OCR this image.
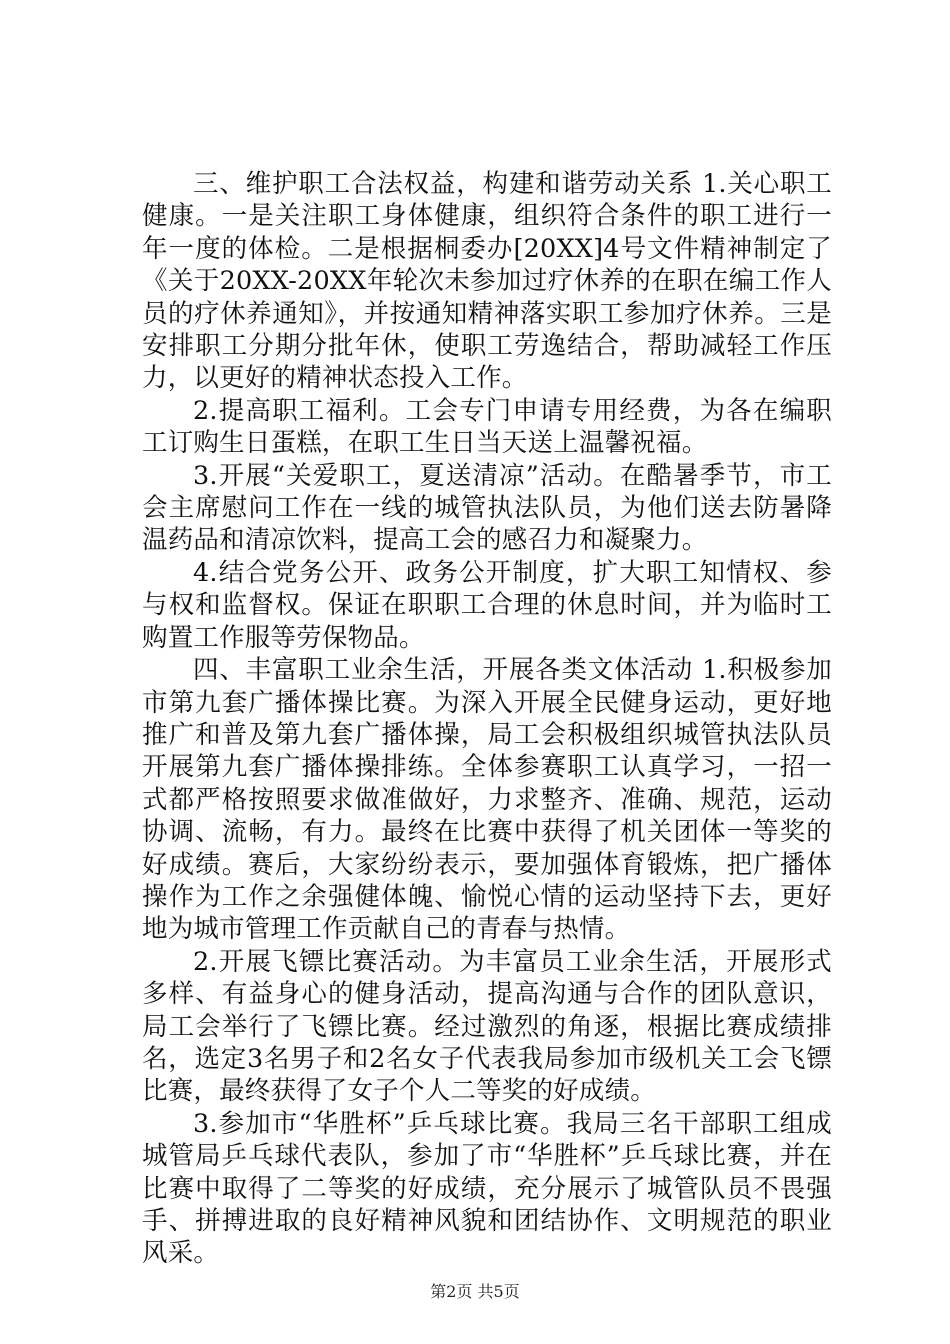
三、维护职工合法权益，构建和谐劳动关系 1.关心职工健康。一是关注职工身体健康，组织符合条件的职工进行一年一度的体检。二是根据桐委办[20XX]4号文件精神制定了《关于20XX-20XX年轮次未参加过疗休养的在职在编工作人员的疗休养通知》，并按通知精神落实职工参加疗休养。三是安排职工分期分批年休，使职工劳逸结合，帮助减轻工作压力，以更好的精神状态投入工作。

2.提高职工福利。工会专门申请专用经费，为各在编职工订购生日蛋糕，在职工生日当天送上温馨祝福。

3.开展“关爱职工，夏送清凉”活动。在酷暑季节，市工会主席慰问工作在一线的城管执法队员，为他们送去防暑降温药品和清凉饮料，提高工会的感召力和凝聚力。

4.结合党务公开、政务公开制度，扩大职工知情权、参与权和监督权。保证在职职工合理的休息时间，并为临时工购置工作服等劳保物品。

四、丰富职工业余生活，开展各类文体活动 1.积极参加市第九套广播体操比赛。为深入开展全民健身运动，更好地推广和普及第九套广播体操，局工会积极组织城管执法队员开展第九套广播体操排练。全体参赛职工认真学习，一招一式都严格按照要求做准做好，力求整齐、准确、规范，运动协调、流畅，有力。最终在比赛中获得了机关团体一等奖的好成绩。赛后，大家纷纷表示，要加强体育锻炼，把广播体操作为工作之余强健体魄、愉悦心情的运动坚持下去，更好地为城市管理工作贡献自己的青春与热情。

2.开展飞镖比赛活动。为丰富员工业余生活，开展形式多样、有益身心的健身活动，提高沟通与合作的团队意识，局工会举行了飞镖比赛。经过激烈的角逐，根据比赛成绩排名，选定3名男子和2名女子代表我局参加市级机关工会飞镖比赛，最终获得了女子个人二等奖的好成绩。

3.参加市“华胜杯”乒乓球比赛。我局三名干部职工组成城管局乒乓球代表队，参加了市“华胜杯”乒乓球比赛，并在比赛中取得了二等奖的好成绩，充分展示了城管队员不畏强手、拼搏进取的良好精神风貌和团结协作、文明规范的职业风采。

第2页 共5页
